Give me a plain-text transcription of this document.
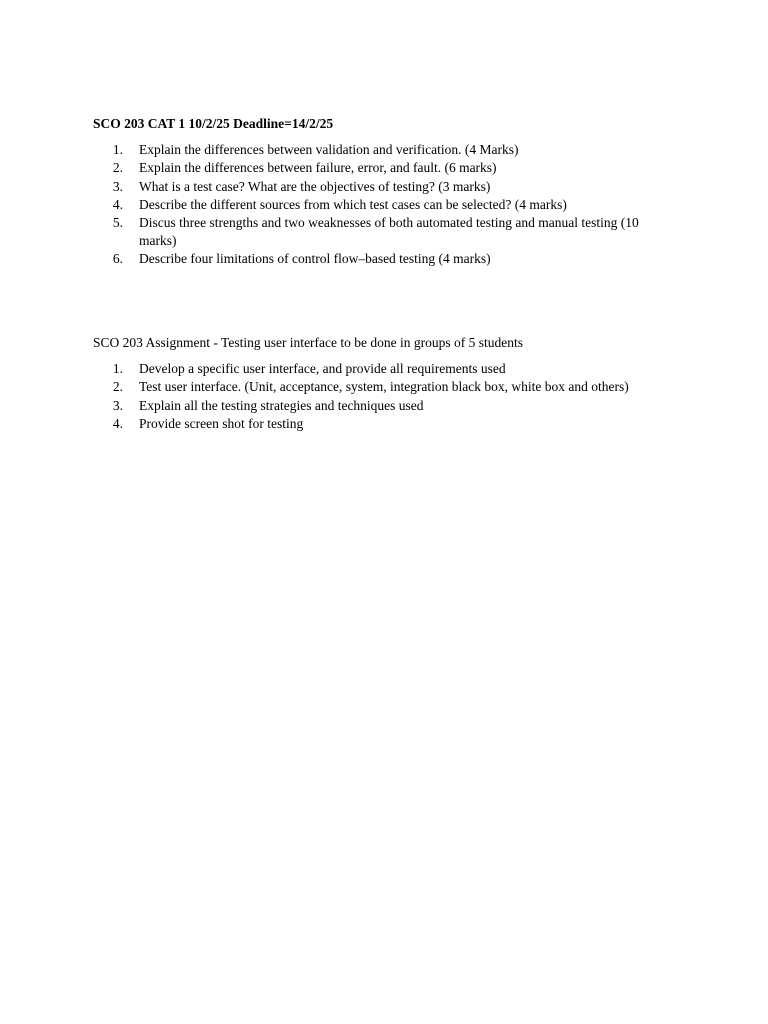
SCO 203 CAT 1 10/2/25 Deadline=14/2/25

1. Explain the differences between validation and verification. (4 Marks)
2. Explain the differences between failure, error, and fault. (6 marks)
3. What is a test case? What are the objectives of testing? (3 marks)
4. Describe the different sources from which test cases can be selected? (4 marks)
5. Discus three strengths and two weaknesses of both automated testing and manual testing (10 marks)
6. Describe four limitations of control flow–based testing (4 marks)

SCO 203 Assignment - Testing user interface to be done in groups of 5 students

1. Develop a specific user interface, and provide all requirements used
2. Test user interface. (Unit, acceptance, system, integration black box, white box and others)
3. Explain all the testing strategies and techniques used
4. Provide screen shot for testing
